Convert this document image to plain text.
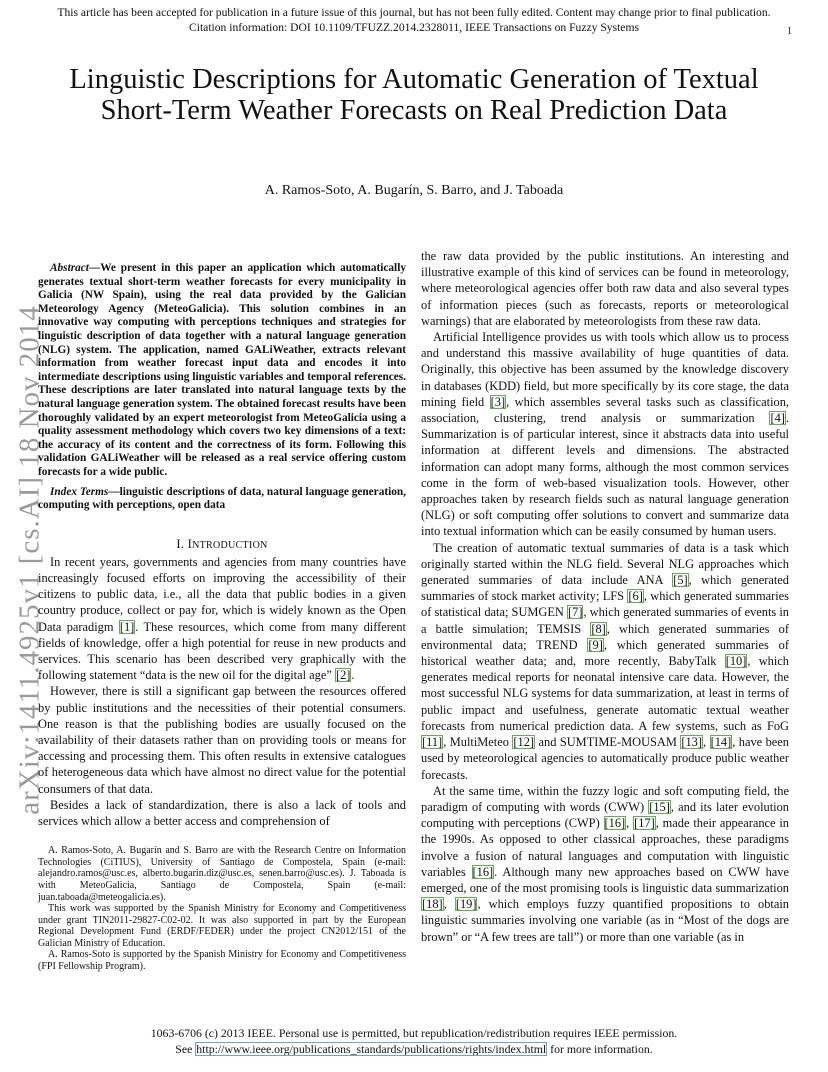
This article has been accepted for publication in a future issue of this journal, but has not been fully edited. Content may change prior to final publication.
Citation information: DOI 10.1109/TFUZZ.2014.2328011, IEEE Transactions on Fuzzy Systems	1
Linguistic Descriptions for Automatic Generation of Textual Short-Term Weather Forecasts on Real Prediction Data
A. Ramos-Soto, A. Bugarín, S. Barro, and J. Taboada
arXiv:1411.4925v1 [cs.AI] 18 Nov 2014

Abstract—We present in this paper an application which automatically generates textual short-term weather forecasts for every municipality in Galicia (NW Spain), using the real data provided by the Galician Meteorology Agency (MeteoGalicia). This solution combines in an innovative way computing with perceptions techniques and strategies for linguistic description of data together with a natural language generation (NLG) system. The application, named GALiWeather, extracts relevant information from weather forecast input data and encodes it into intermediate descriptions using linguistic variables and temporal references. These descriptions are later translated into natural language texts by the natural language generation system. The obtained forecast results have been thoroughly validated by an expert meteorologist from MeteoGalicia using a quality assessment methodology which covers two key dimensions of a text: the accuracy of its content and the correctness of its form. Following this validation GALiWeather will be released as a real service offering custom forecasts for a wide public.

Index Terms—linguistic descriptions of data, natural language generation, computing with perceptions, open data

I. INTRODUCTION

In recent years, governments and agencies from many countries have increasingly focused efforts on improving the accessibility of their citizens to public data, i.e., all the data that public bodies in a given country produce, collect or pay for, which is widely known as the Open Data paradigm [1]. These resources, which come from many different fields of knowledge, offer a high potential for reuse in new products and services. This scenario has been described very graphically with the following statement “data is the new oil for the digital age” [2].

However, there is still a significant gap between the resources offered by public institutions and the necessities of their potential consumers. One reason is that the publishing bodies are usually focused on the availability of their datasets rather than on providing tools or means for accessing and processing them. This often results in extensive catalogues of heterogeneous data which have almost no direct value for the potential consumers of that data.

Besides a lack of standardization, there is also a lack of tools and services which allow a better access and comprehension of

A. Ramos-Soto, A. Bugarín and S. Barro are with the Research Centre on Information Technologies (CiTIUS), University of Santiago de Compostela, Spain (e-mail: alejandro.ramos@usc.es, alberto.bugarin.diz@usc.es, senen.barro@usc.es). J. Taboada is with MeteoGalicia, Santiago de Compostela, Spain (e-mail: juan.taboada@meteogalicia.es).

This work was supported by the Spanish Ministry for Economy and Competitiveness under grant TIN2011-29827-C02-02. It was also supported in part by the European Regional Development Fund (ERDF/FEDER) under the project CN2012/151 of the Galician Ministry of Education.

A. Ramos-Soto is supported by the Spanish Ministry for Economy and Competitiveness (FPI Fellowship Program).

the raw data provided by the public institutions. An interesting and illustrative example of this kind of services can be found in meteorology, where meteorological agencies offer both raw data and also several types of information pieces (such as forecasts, reports or meteorological warnings) that are elaborated by meteorologists from these raw data.

Artificial Intelligence provides us with tools which allow us to process and understand this massive availability of huge quantities of data. Originally, this objective has been assumed by the knowledge discovery in databases (KDD) field, but more specifically by its core stage, the data mining field [3], which assembles several tasks such as classification, association, clustering, trend analysis or summarization [4]. Summarization is of particular interest, since it abstracts data into useful information at different levels and dimensions. The abstracted information can adopt many forms, although the most common services come in the form of web-based visualization tools. However, other approaches taken by research fields such as natural language generation (NLG) or soft computing offer solutions to convert and summarize data into textual information which can be easily consumed by human users.

The creation of automatic textual summaries of data is a task which originally started within the NLG field. Several NLG approaches which generated summaries of data include ANA [5], which generated summaries of stock market activity; LFS [6], which generated summaries of statistical data; SUMGEN [7], which generated summaries of events in a battle simulation; TEMSIS [8], which generated summaries of environmental data; TREND [9], which generated summaries of historical weather data; and, more recently, BabyTalk [10], which generates medical reports for neonatal intensive care data. However, the most successful NLG systems for data summarization, at least in terms of public impact and usefulness, generate automatic textual weather forecasts from numerical prediction data. A few systems, such as FoG [11], MultiMeteo [12] and SUMTIME-MOUSAM [13], [14], have been used by meteorological agencies to automatically produce public weather forecasts.

At the same time, within the fuzzy logic and soft computing field, the paradigm of computing with words (CWW) [15], and its later evolution computing with perceptions (CWP) [16], [17], made their appearance in the 1990s. As opposed to other classical approaches, these paradigms involve a fusion of natural languages and computation with linguistic variables [16]. Although many new approaches based on CWW have emerged, one of the most promising tools is linguistic data summarization [18], [19], which employs fuzzy quantified propositions to obtain linguistic summaries involving one variable (as in “Most of the dogs are brown” or “A few trees are tall”) or more than one variable (as in

1063-6706 (c) 2013 IEEE. Personal use is permitted, but republication/redistribution requires IEEE permission.
See http://www.ieee.org/publications_standards/publications/rights/index.html for more information.
